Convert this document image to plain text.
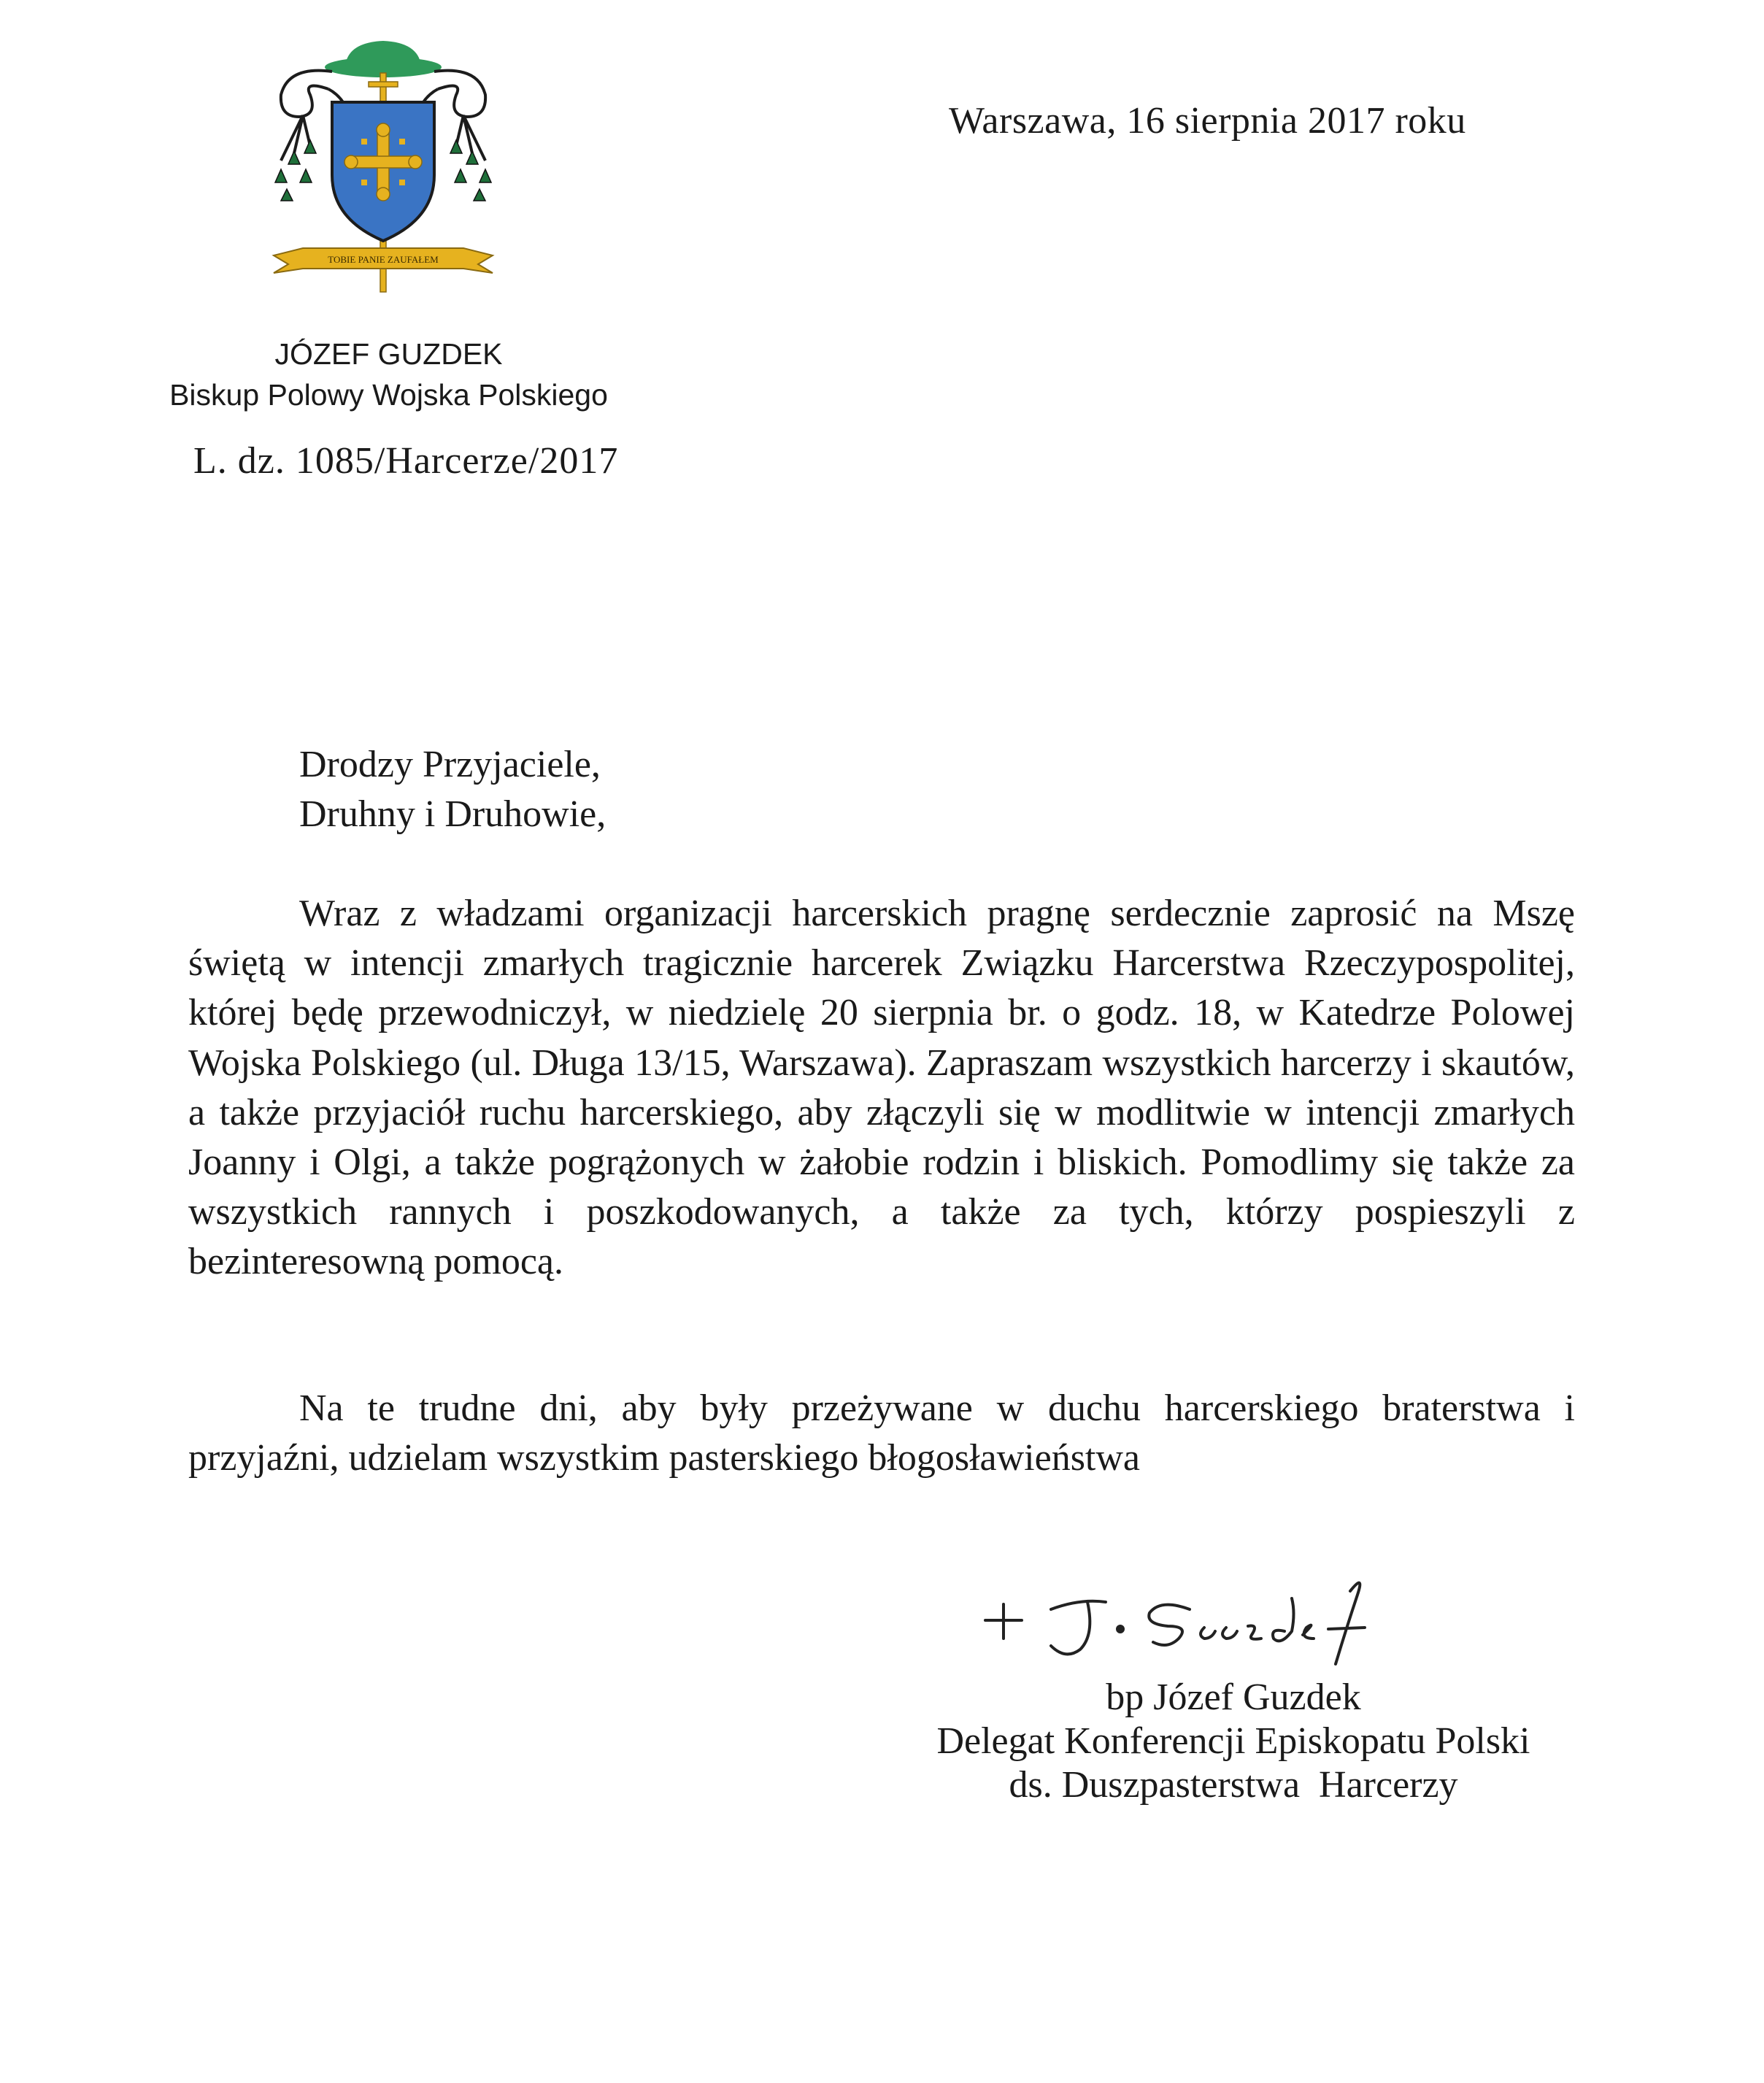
TOBIE PANIE ZAUFAŁEM
Warszawa, 16 sierpnia 2017 roku
JÓZEF GUZDEK
Biskup Polowy Wojska Polskiego
L. dz. 1085/Harcerze/2017
Drodzy Przyjaciele,
Druhny i Druhowie,

Wraz z władzami organizacji harcerskich pragnę serdecznie zaprosić na Mszę świętą w intencji zmarłych tragicznie harcerek Związku Harcerstwa Rzeczypospolitej, której będę przewodniczył, w niedzielę 20 sierpnia br. o godz. 18, w Katedrze Polowej Wojska Polskiego (ul. Długa 13/15, Warszawa). Zapraszam wszystkich harcerzy i skautów, a także przyjaciół ruchu harcerskiego, aby złączyli się w modlitwie w intencji zmarłych Joanny i Olgi, a także pogrążonych w żałobie rodzin i bliskich. Pomodlimy się także za wszystkich rannych i poszkodowanych, a także za tych, którzy pospieszyli z bezinteresowną pomocą.

Na te trudne dni, aby były przeżywane w duchu harcerskiego braterstwa i przyjaźni, udzielam wszystkim pasterskiego błogosławieństwa

bp Józef Guzdek
Delegat Konferencji Episkopatu Polski
ds. Duszpasterstwa  Harcerzy
